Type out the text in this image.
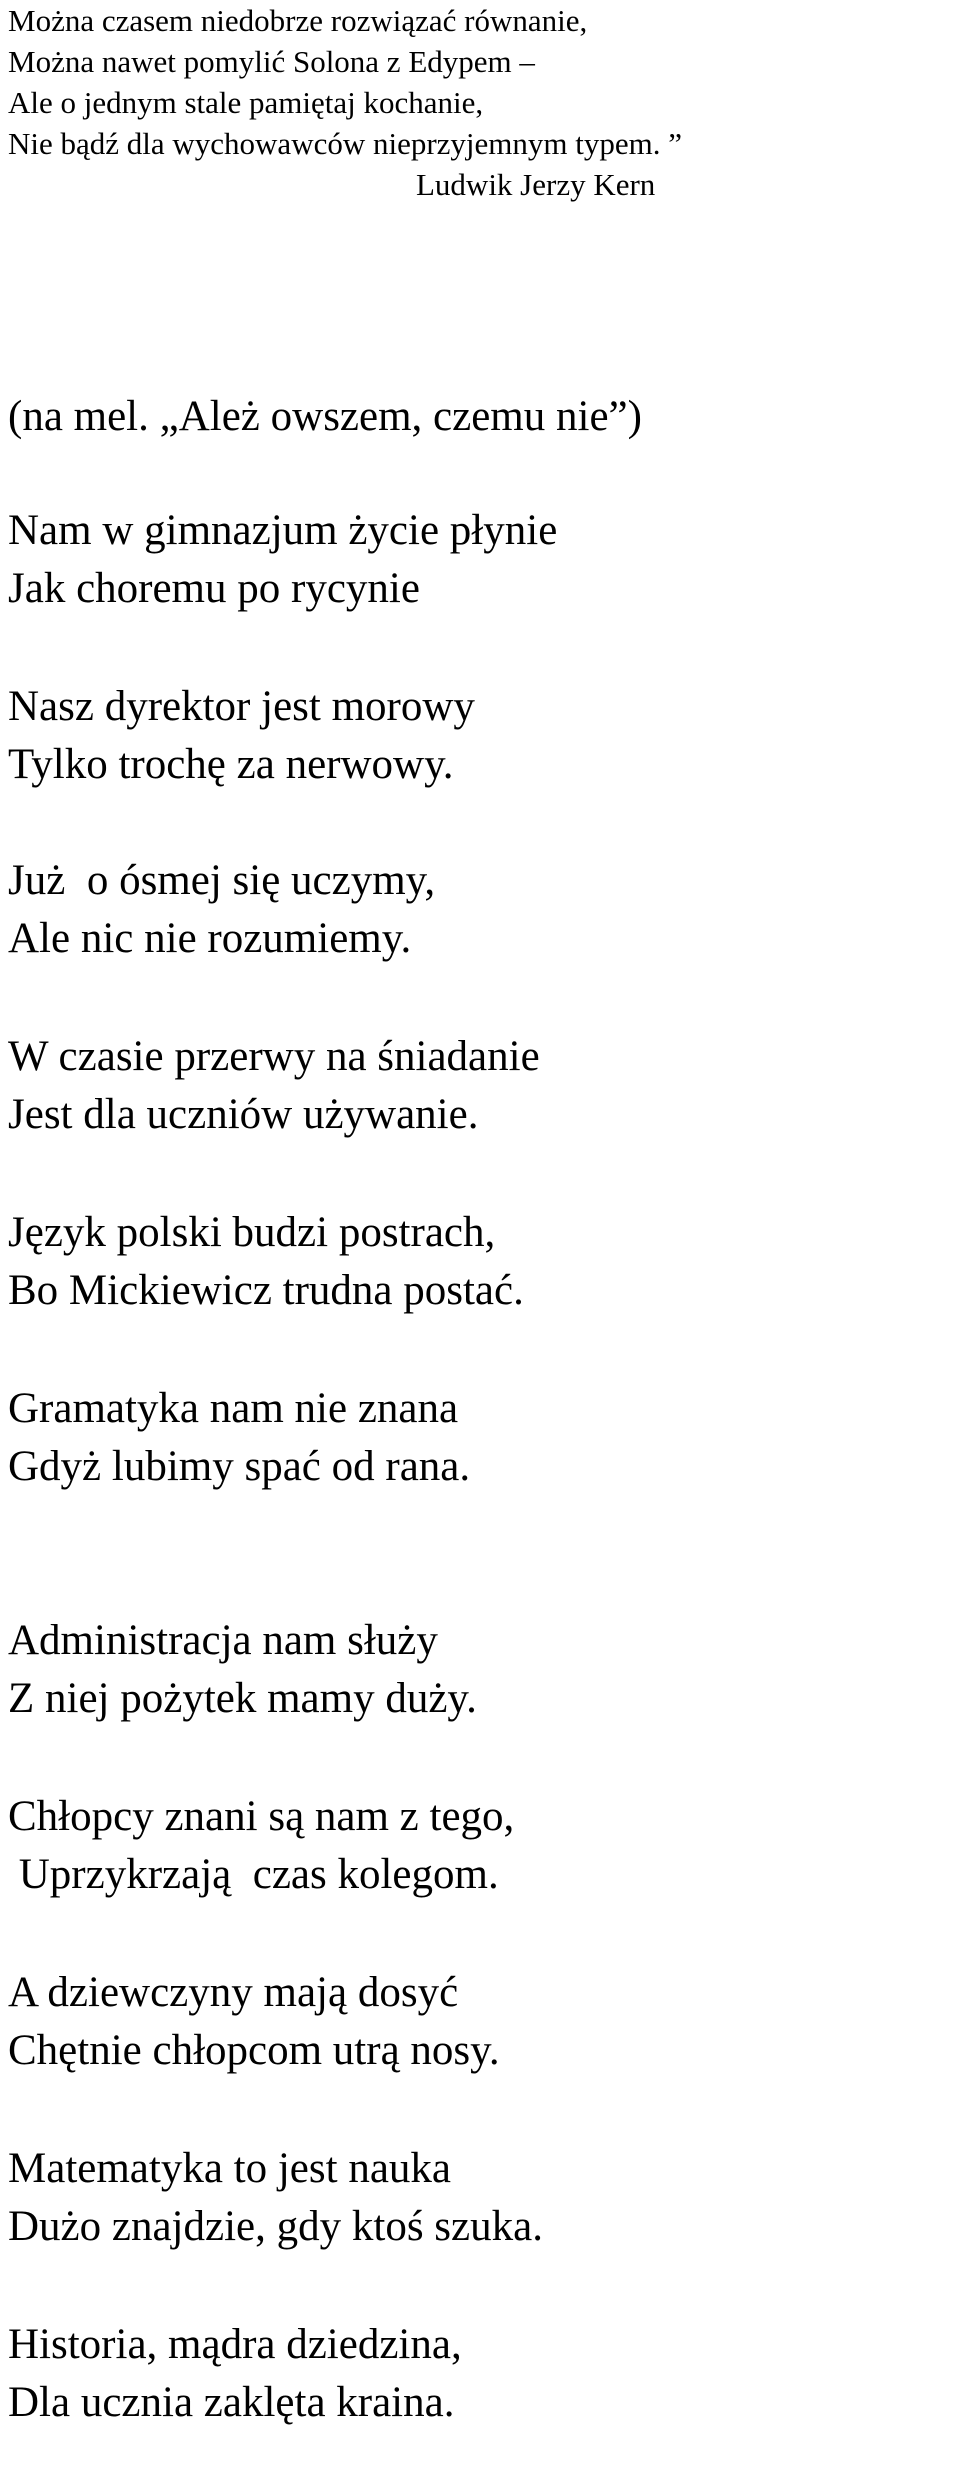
Można czasem niedobrze rozwiązać równanie,
Można nawet pomylić Solona z Edypem –
Ale o jednym stale pamiętaj kochanie,
Nie bądź dla wychowawców nieprzyjemnym typem. ”
Ludwik Jerzy Kern
(na mel. „Ależ owszem, czemu nie”)
Nam w gimnazjum życie płynie
Jak choremu po rycynie
Nasz dyrektor jest morowy
Tylko trochę za nerwowy.
Już  o ósmej się uczymy,
Ale nic nie rozumiemy.
W czasie przerwy na śniadanie
Jest dla uczniów używanie.
Język polski budzi postrach,
Bo Mickiewicz trudna postać.
Gramatyka nam nie znana
Gdyż lubimy spać od rana.
Administracja nam służy
Z niej pożytek mamy duży.
Chłopcy znani są nam z tego,
Uprzykrzają  czas kolegom.
A dziewczyny mają dosyć
Chętnie chłopcom utrą nosy.
Matematyka to jest nauka
Dużo znajdzie, gdy ktoś szuka.
Historia, mądra dziedzina,
Dla ucznia zaklęta kraina.
